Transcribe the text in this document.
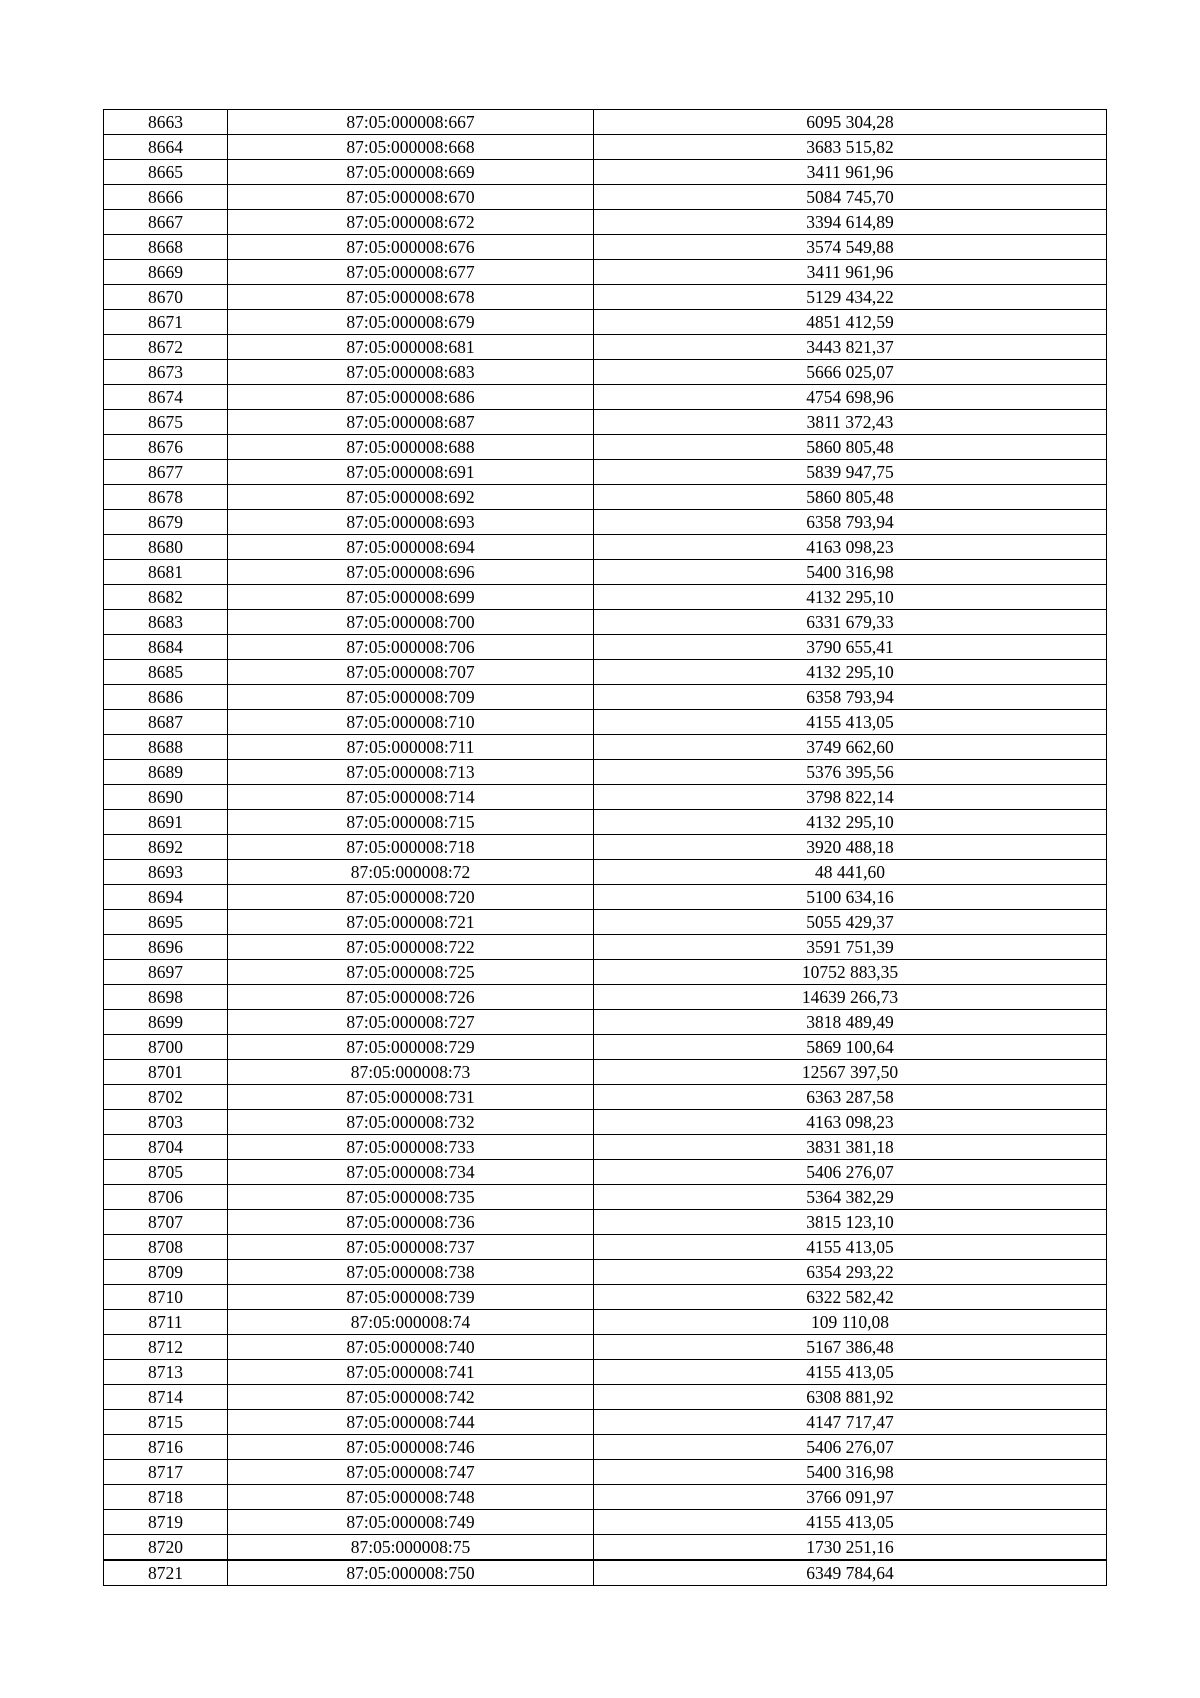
8663	87:05:000008:667	6095 304,28
8664	87:05:000008:668	3683 515,82
8665	87:05:000008:669	3411 961,96
8666	87:05:000008:670	5084 745,70
8667	87:05:000008:672	3394 614,89
8668	87:05:000008:676	3574 549,88
8669	87:05:000008:677	3411 961,96
8670	87:05:000008:678	5129 434,22
8671	87:05:000008:679	4851 412,59
8672	87:05:000008:681	3443 821,37
8673	87:05:000008:683	5666 025,07
8674	87:05:000008:686	4754 698,96
8675	87:05:000008:687	3811 372,43
8676	87:05:000008:688	5860 805,48
8677	87:05:000008:691	5839 947,75
8678	87:05:000008:692	5860 805,48
8679	87:05:000008:693	6358 793,94
8680	87:05:000008:694	4163 098,23
8681	87:05:000008:696	5400 316,98
8682	87:05:000008:699	4132 295,10
8683	87:05:000008:700	6331 679,33
8684	87:05:000008:706	3790 655,41
8685	87:05:000008:707	4132 295,10
8686	87:05:000008:709	6358 793,94
8687	87:05:000008:710	4155 413,05
8688	87:05:000008:711	3749 662,60
8689	87:05:000008:713	5376 395,56
8690	87:05:000008:714	3798 822,14
8691	87:05:000008:715	4132 295,10
8692	87:05:000008:718	3920 488,18
8693	87:05:000008:72	48 441,60
8694	87:05:000008:720	5100 634,16
8695	87:05:000008:721	5055 429,37
8696	87:05:000008:722	3591 751,39
8697	87:05:000008:725	10752 883,35
8698	87:05:000008:726	14639 266,73
8699	87:05:000008:727	3818 489,49
8700	87:05:000008:729	5869 100,64
8701	87:05:000008:73	12567 397,50
8702	87:05:000008:731	6363 287,58
8703	87:05:000008:732	4163 098,23
8704	87:05:000008:733	3831 381,18
8705	87:05:000008:734	5406 276,07
8706	87:05:000008:735	5364 382,29
8707	87:05:000008:736	3815 123,10
8708	87:05:000008:737	4155 413,05
8709	87:05:000008:738	6354 293,22
8710	87:05:000008:739	6322 582,42
8711	87:05:000008:74	109 110,08
8712	87:05:000008:740	5167 386,48
8713	87:05:000008:741	4155 413,05
8714	87:05:000008:742	6308 881,92
8715	87:05:000008:744	4147 717,47
8716	87:05:000008:746	5406 276,07
8717	87:05:000008:747	5400 316,98
8718	87:05:000008:748	3766 091,97
8719	87:05:000008:749	4155 413,05
8720	87:05:000008:75	1730 251,16
8721	87:05:000008:750	6349 784,64
